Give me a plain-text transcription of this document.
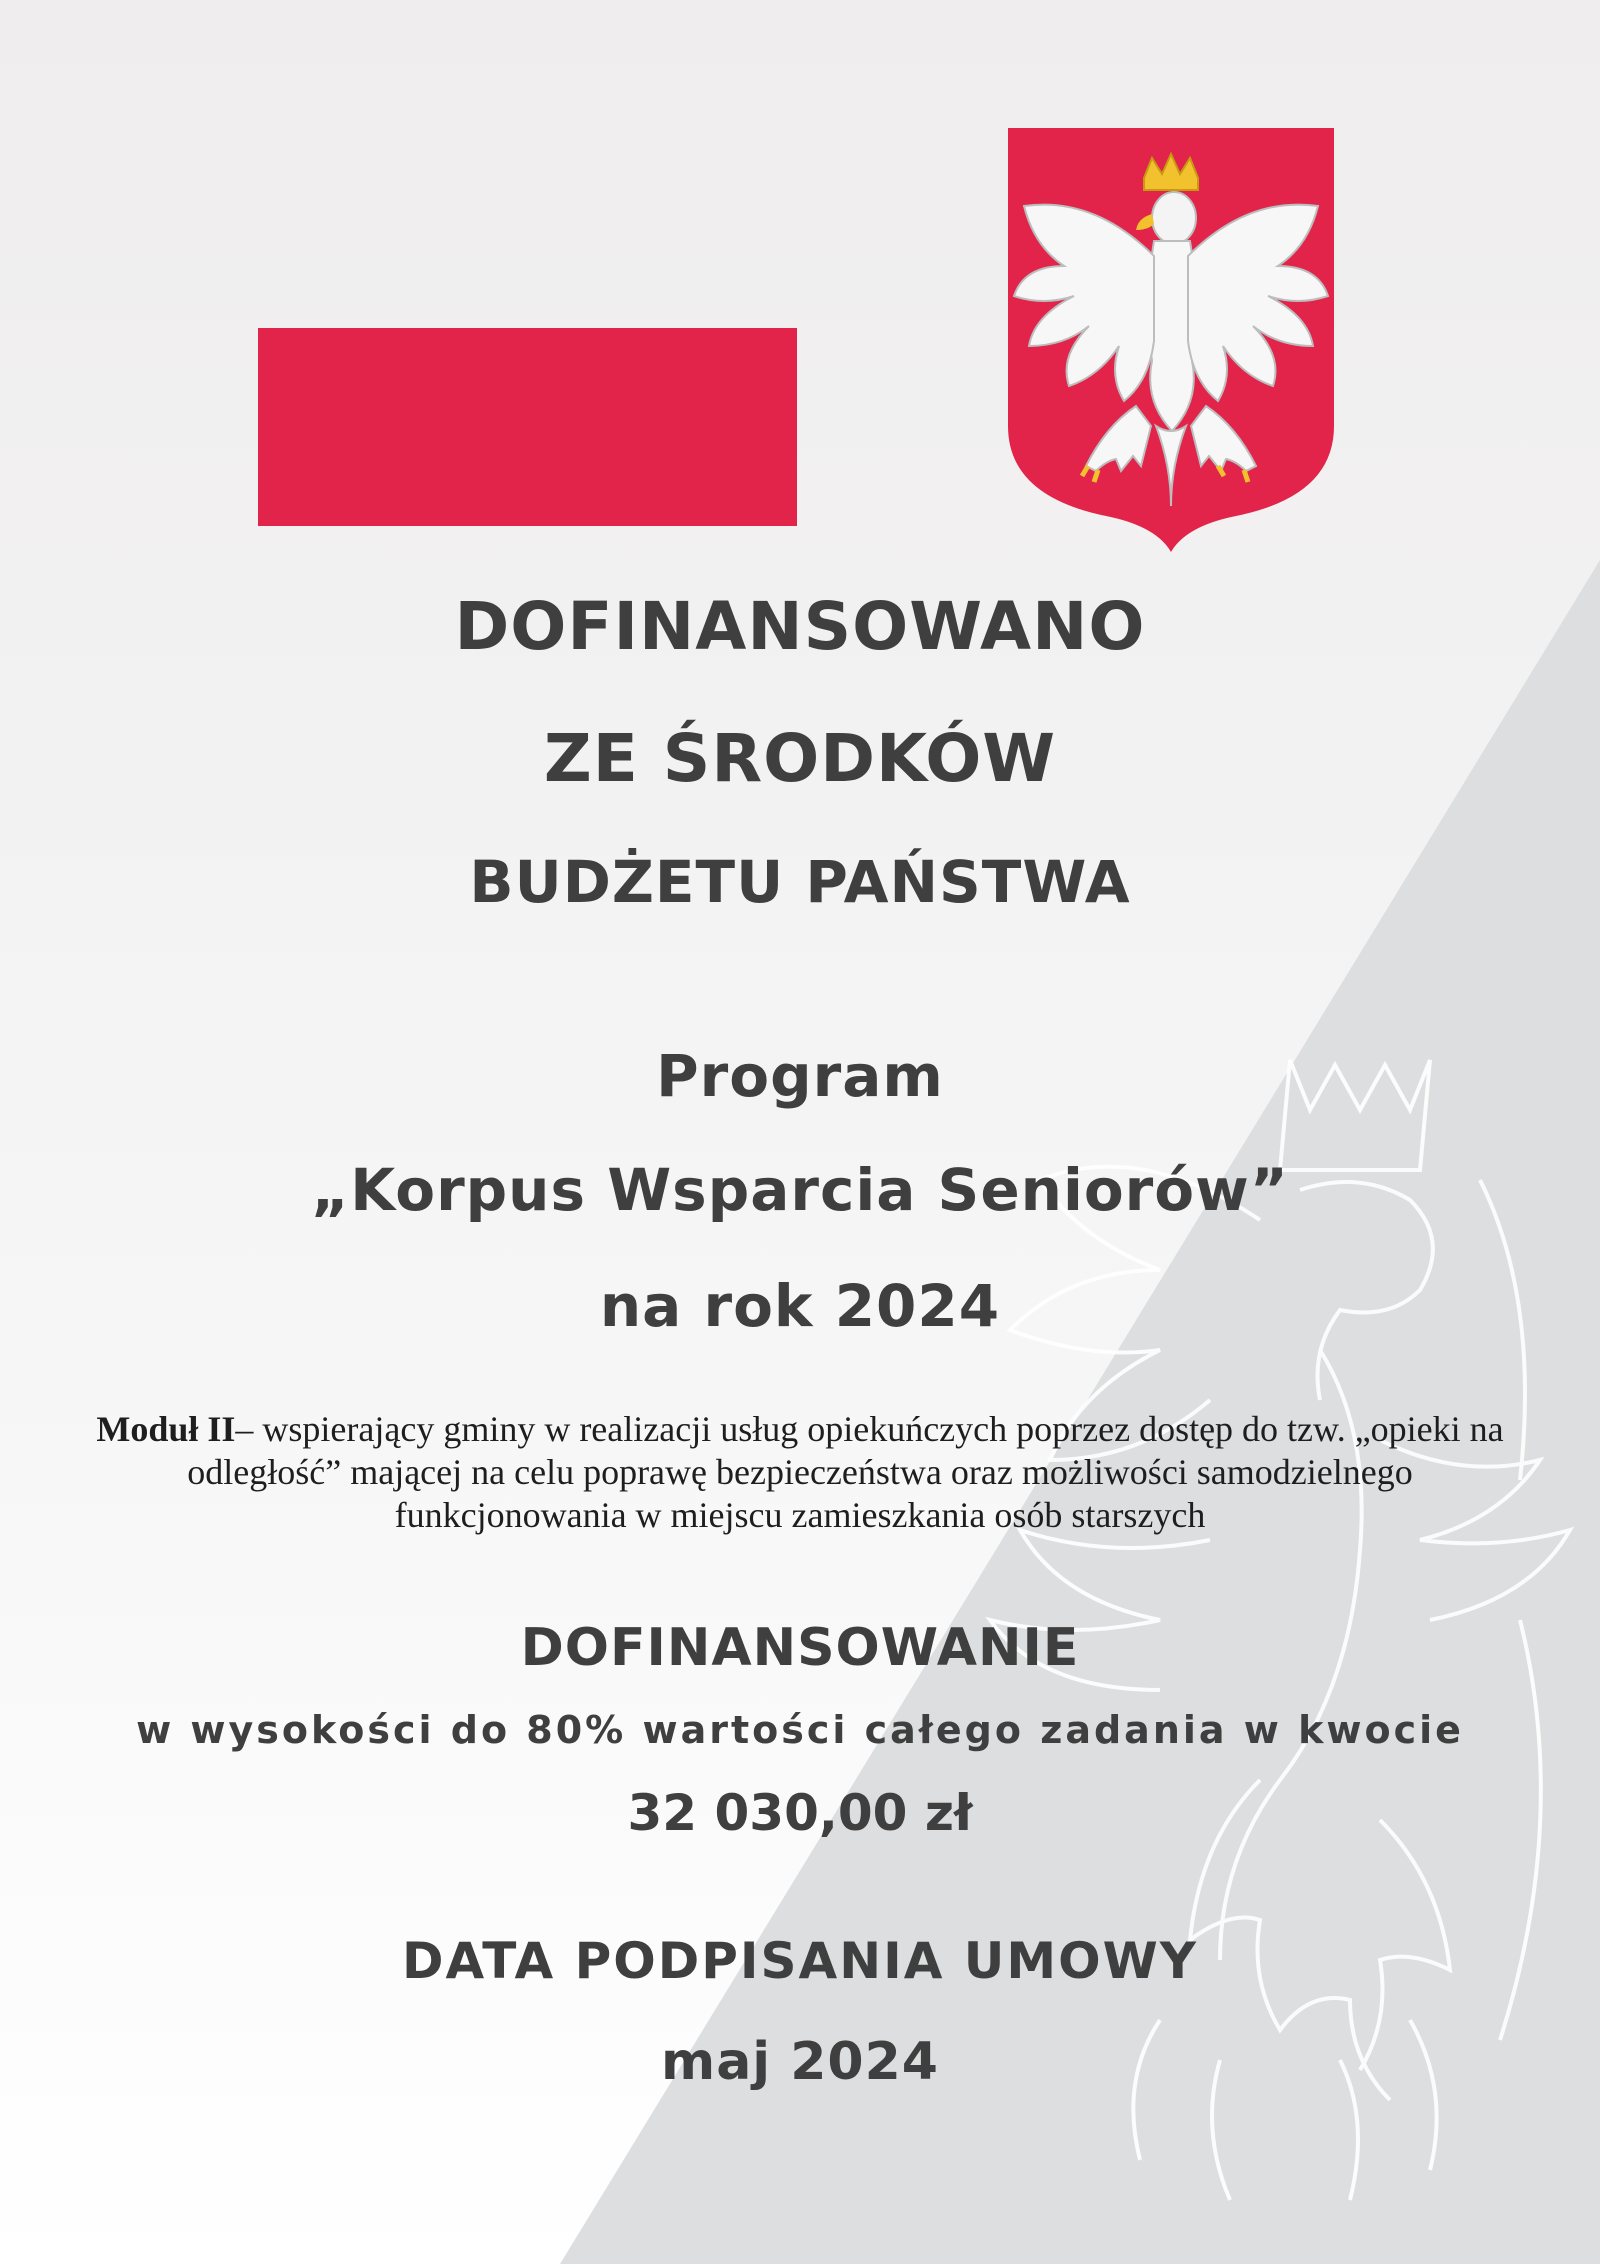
DOFINANSOWANO
ZE ŚRODKÓW
BUDŻETU PAŃSTWA
Program
„Korpus Wsparcia Seniorów”
na rok 2024
Moduł II– wspierający gminy w realizacji usług opiekuńczych poprzez dostęp do tzw. „opieki na odległość” mającej na celu poprawę bezpieczeństwa oraz możliwości samodzielnego funkcjonowania w miejscu zamieszkania osób starszych
DOFINANSOWANIE
w wysokości do 80% wartości całego zadania w kwocie
32 030,00 zł
DATA PODPISANIA UMOWY
maj 2024
